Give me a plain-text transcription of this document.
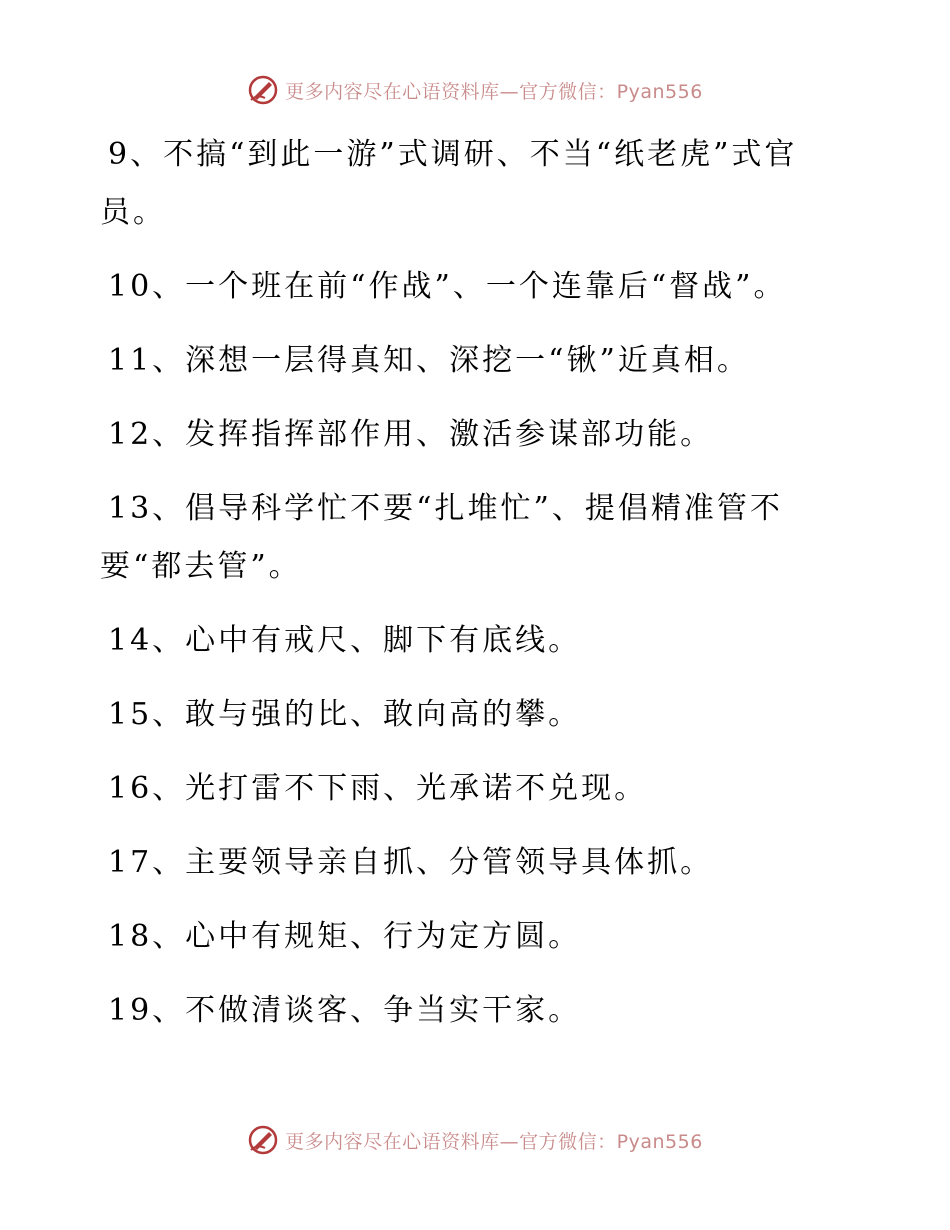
更多内容尽在心语资料库—官方微信：Pyan556

9、不搞“到此一游”式调研、不当“纸老虎”式官员。

10、一个班在前“作战”、一个连靠后“督战”。

11、深想一层得真知、深挖一“锹”近真相。

12、发挥指挥部作用、激活参谋部功能。

13、倡导科学忙不要“扎堆忙”、提倡精准管不要“都去管”。

14、心中有戒尺、脚下有底线。

15、敢与强的比、敢向高的攀。

16、光打雷不下雨、光承诺不兑现。

17、主要领导亲自抓、分管领导具体抓。

18、心中有规矩、行为定方圆。

19、不做清谈客、争当实干家。

更多内容尽在心语资料库—官方微信：Pyan556
